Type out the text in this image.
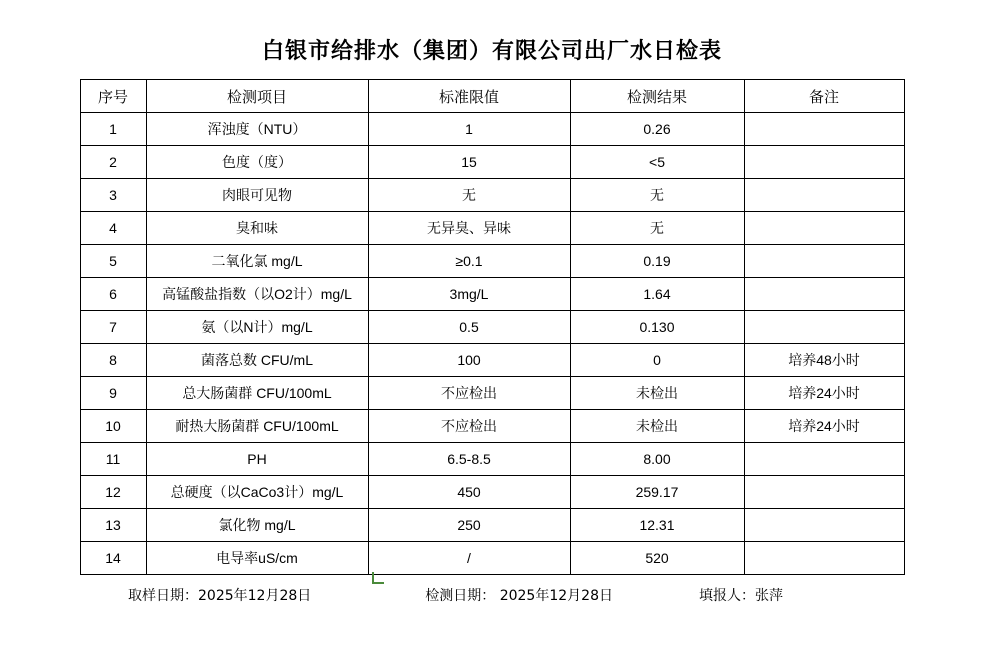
白银市给排水（集团）有限公司出厂水日检表
序号	检测项目	标准限值	检测结果	备注
1	浑浊度（NTU）	1	0.26	
2	色度（度）	15	<5	
3	肉眼可见物	无	无	
4	臭和味	无异臭、异味	无	
5	二氧化氯 mg/L	≥0.1	0.19	
6	高锰酸盐指数（以O2计）mg/L	3mg/L	1.64	
7	氨（以N计）mg/L	0.5	0.130	
8	菌落总数 CFU/mL	100	0	培养48小时
9	总大肠菌群 CFU/100mL	不应检出	未检出	培养24小时
10	耐热大肠菌群 CFU/100mL	不应检出	未检出	培养24小时
11	PH	6.5-8.5	8.00	
12	总硬度（以CaCo3计）mg/L	450	259.17	
13	氯化物 mg/L	250	12.31	
14	电导率uS/cm	/	520	
取样日期：2025年12月28日	检测日期： 2025年12月28日	填报人：张萍
